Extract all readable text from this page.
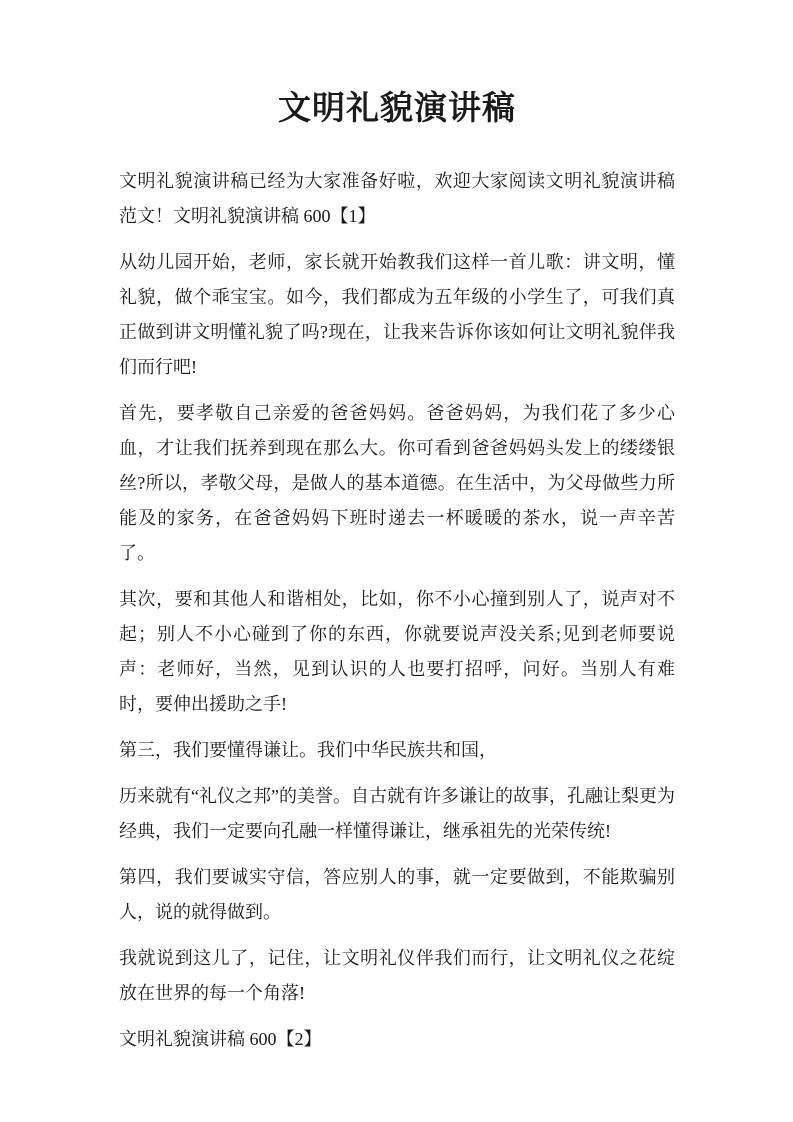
文明礼貌演讲稿

文明礼貌演讲稿已经为大家准备好啦，欢迎大家阅读文明礼貌演讲稿范文！文明礼貌演讲稿 600【1】

从幼儿园开始，老师，家长就开始教我们这样一首儿歌：讲文明，懂礼貌，做个乖宝宝。如今，我们都成为五年级的小学生了，可我们真正做到讲文明懂礼貌了吗?现在，让我来告诉你该如何让文明礼貌伴我们而行吧!

首先，要孝敬自己亲爱的爸爸妈妈。爸爸妈妈，为我们花了多少心血，才让我们抚养到现在那么大。你可看到爸爸妈妈头发上的缕缕银丝?所以，孝敬父母，是做人的基本道德。在生活中，为父母做些力所能及的家务，在爸爸妈妈下班时递去一杯暖暖的茶水，说一声辛苦了。

其次，要和其他人和谐相处，比如，你不小心撞到别人了，说声对不起；别人不小心碰到了你的东西，你就要说声没关系;见到老师要说声：老师好，当然，见到认识的人也要打招呼，问好。当别人有难时，要伸出援助之手!

第三，我们要懂得谦让。我们中华民族共和国，

历来就有“礼仪之邦”的美誉。自古就有许多谦让的故事，孔融让梨更为经典，我们一定要向孔融一样懂得谦让，继承祖先的光荣传统!

第四，我们要诚实守信，答应别人的事，就一定要做到，不能欺骗别人，说的就得做到。

我就说到这儿了，记住，让文明礼仪伴我们而行，让文明礼仪之花绽放在世界的每一个角落!

文明礼貌演讲稿 600【2】
